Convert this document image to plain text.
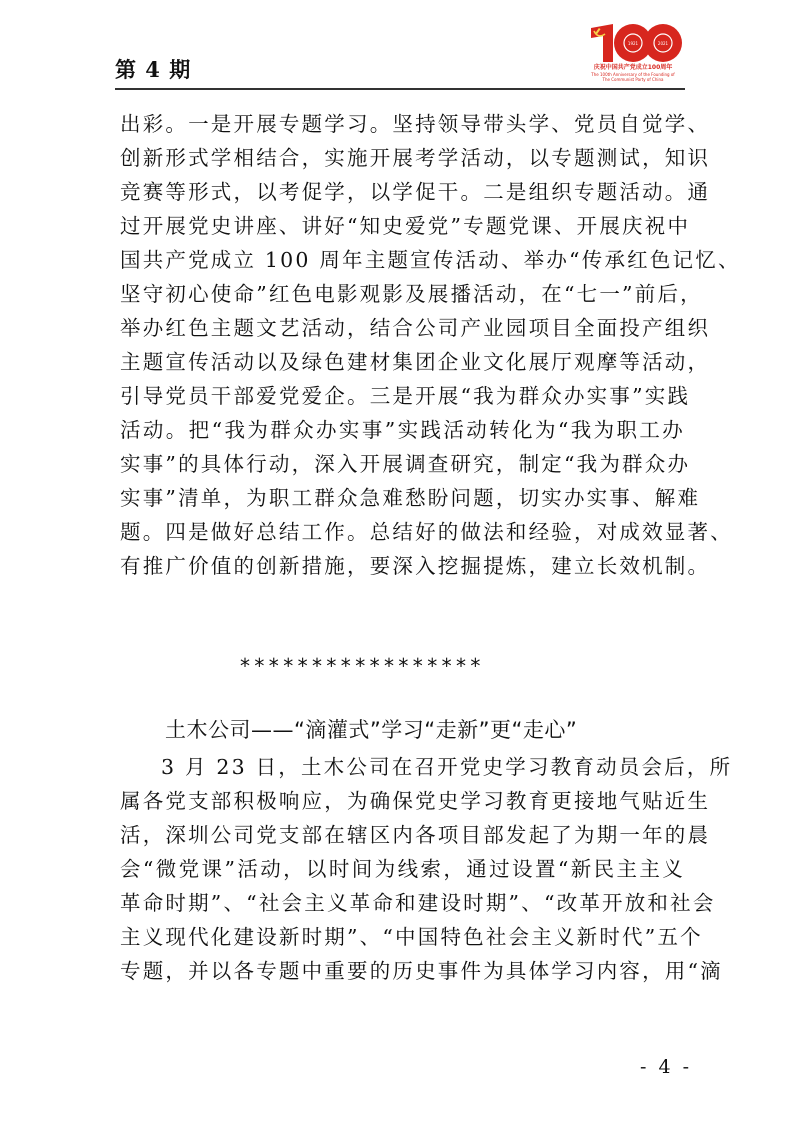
第 4 期
1921	2021
庆祝中国共产党成立100周年
The 100th Anniversary of the Founding of
The Communist Party of China
出彩。一是开展专题学习。坚持领导带头学、党员自觉学、
创新形式学相结合，实施开展考学活动，以专题测试，知识
竞赛等形式，以考促学，以学促干。二是组织专题活动。通
过开展党史讲座、讲好“知史爱党”专题党课、开展庆祝中
国共产党成立 100 周年主题宣传活动、举办“传承红色记忆、
坚守初心使命”红色电影观影及展播活动，在“七一”前后，
举办红色主题文艺活动，结合公司产业园项目全面投产组织
主题宣传活动以及绿色建材集团企业文化展厅观摩等活动，
引导党员干部爱党爱企。三是开展“我为群众办实事”实践
活动。把“我为群众办实事”实践活动转化为“我为职工办
实事”的具体行动，深入开展调查研究，制定“我为群众办
实事”清单，为职工群众急难愁盼问题，切实办实事、解难
题。四是做好总结工作。总结好的做法和经验，对成效显著、
有推广价值的创新措施，要深入挖掘提炼，建立长效机制。
*****************
土木公司——“滴灌式”学习“走新”更“走心”
3 月 23 日，土木公司在召开党史学习教育动员会后，所
属各党支部积极响应，为确保党史学习教育更接地气贴近生
活，深圳公司党支部在辖区内各项目部发起了为期一年的晨
会“微党课”活动，以时间为线索，通过设置“新民主主义
革命时期”、“社会主义革命和建设时期”、“改革开放和社会
主义现代化建设新时期”、“中国特色社会主义新时代”五个
专题，并以各专题中重要的历史事件为具体学习内容，用“滴
- 4 -
